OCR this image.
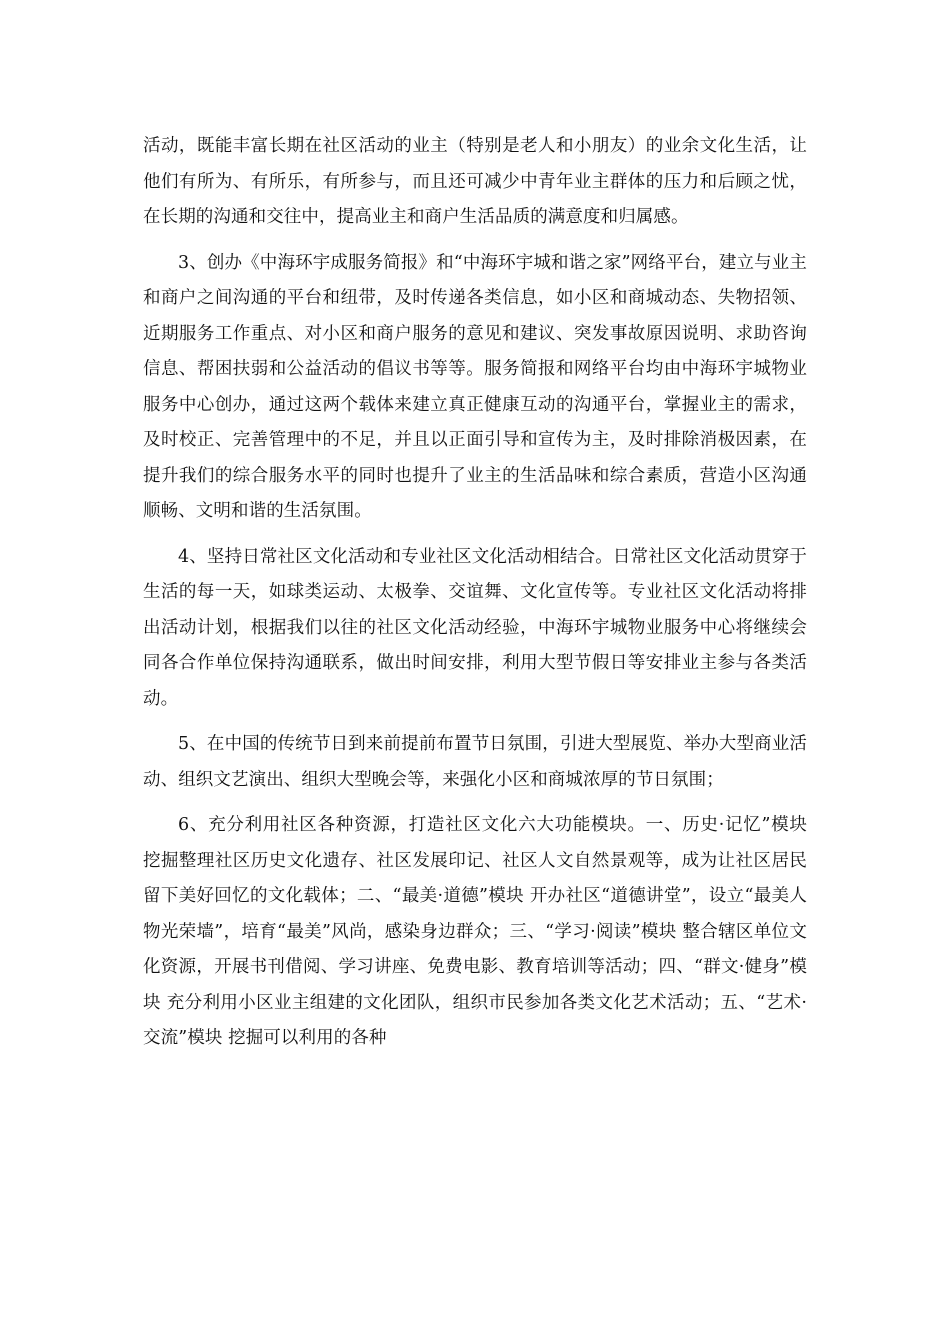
活动，既能丰富长期在社区活动的业主（特别是老人和小朋友）的业余文化生活，让他们有所为、有所乐，有所参与，而且还可减少中青年业主群体的压力和后顾之忧，在长期的沟通和交往中，提高业主和商户生活品质的满意度和归属感。

3、创办《中海环宇成服务简报》和“中海环宇城和谐之家”网络平台，建立与业主和商户之间沟通的平台和纽带，及时传递各类信息，如小区和商城动态、失物招领、近期服务工作重点、对小区和商户服务的意见和建议、突发事故原因说明、求助咨询信息、帮困扶弱和公益活动的倡议书等等。服务简报和网络平台均由中海环宇城物业服务中心创办，通过这两个载体来建立真正健康互动的沟通平台，掌握业主的需求，及时校正、完善管理中的不足，并且以正面引导和宣传为主，及时排除消极因素，在提升我们的综合服务水平的同时也提升了业主的生活品味和综合素质，营造小区沟通顺畅、文明和谐的生活氛围。

4、坚持日常社区文化活动和专业社区文化活动相结合。日常社区文化活动贯穿于生活的每一天，如球类运动、太极拳、交谊舞、文化宣传等。专业社区文化活动将排出活动计划，根据我们以往的社区文化活动经验，中海环宇城物业服务中心将继续会同各合作单位保持沟通联系，做出时间安排，利用大型节假日等安排业主参与各类活动。

5、在中国的传统节日到来前提前布置节日氛围，引进大型展览、举办大型商业活动、组织文艺演出、组织大型晚会等，来强化小区和商城浓厚的节日氛围；

6、充分利用社区各种资源，打造社区文化六大功能模块。一、历史·记忆”模块 挖掘整理社区历史文化遗存、社区发展印记、社区人文自然景观等，成为让社区居民留下美好回忆的文化载体；二、“最美·道德”模块 开办社区“道德讲堂”，设立“最美人物光荣墙”，培育“最美”风尚，感染身边群众；三、“学习·阅读”模块 整合辖区单位文化资源，开展书刊借阅、学习讲座、免费电影、教育培训等活动；四、“群文·健身”模块 充分利用小区业主组建的文化团队，组织市民参加各类文化艺术活动；五、“艺术·交流”模块 挖掘可以利用的各种
